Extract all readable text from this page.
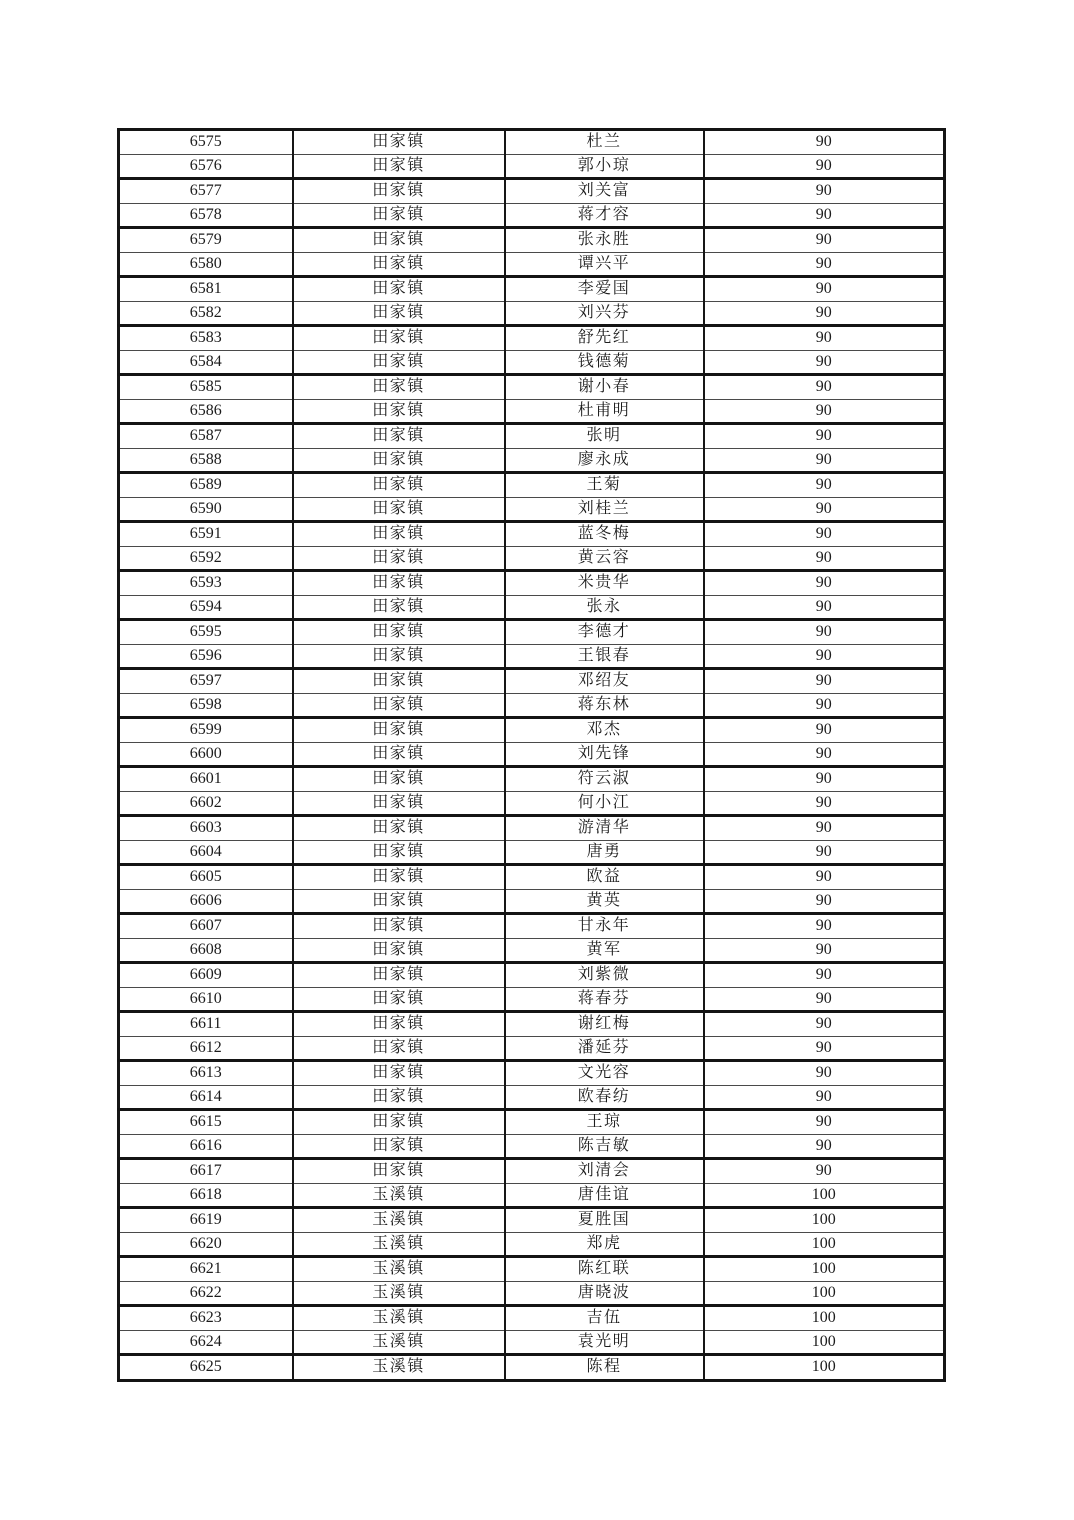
6575	田家镇	杜兰	90
6576	田家镇	郭小琼	90
6577	田家镇	刘关富	90
6578	田家镇	蒋才容	90
6579	田家镇	张永胜	90
6580	田家镇	谭兴平	90
6581	田家镇	李爱国	90
6582	田家镇	刘兴芬	90
6583	田家镇	舒先红	90
6584	田家镇	钱德菊	90
6585	田家镇	谢小春	90
6586	田家镇	杜甫明	90
6587	田家镇	张明	90
6588	田家镇	廖永成	90
6589	田家镇	王菊	90
6590	田家镇	刘桂兰	90
6591	田家镇	蓝冬梅	90
6592	田家镇	黄云容	90
6593	田家镇	米贵华	90
6594	田家镇	张永	90
6595	田家镇	李德才	90
6596	田家镇	王银春	90
6597	田家镇	邓绍友	90
6598	田家镇	蒋东林	90
6599	田家镇	邓杰	90
6600	田家镇	刘先锋	90
6601	田家镇	符云淑	90
6602	田家镇	何小江	90
6603	田家镇	游清华	90
6604	田家镇	唐勇	90
6605	田家镇	欧益	90
6606	田家镇	黄英	90
6607	田家镇	甘永年	90
6608	田家镇	黄军	90
6609	田家镇	刘紫微	90
6610	田家镇	蒋春芬	90
6611	田家镇	谢红梅	90
6612	田家镇	潘延芬	90
6613	田家镇	文光容	90
6614	田家镇	欧春纺	90
6615	田家镇	王琼	90
6616	田家镇	陈吉敏	90
6617	田家镇	刘清会	90
6618	玉溪镇	唐佳谊	100
6619	玉溪镇	夏胜国	100
6620	玉溪镇	郑虎	100
6621	玉溪镇	陈红联	100
6622	玉溪镇	唐晓波	100
6623	玉溪镇	吉伍	100
6624	玉溪镇	袁光明	100
6625	玉溪镇	陈程	100
